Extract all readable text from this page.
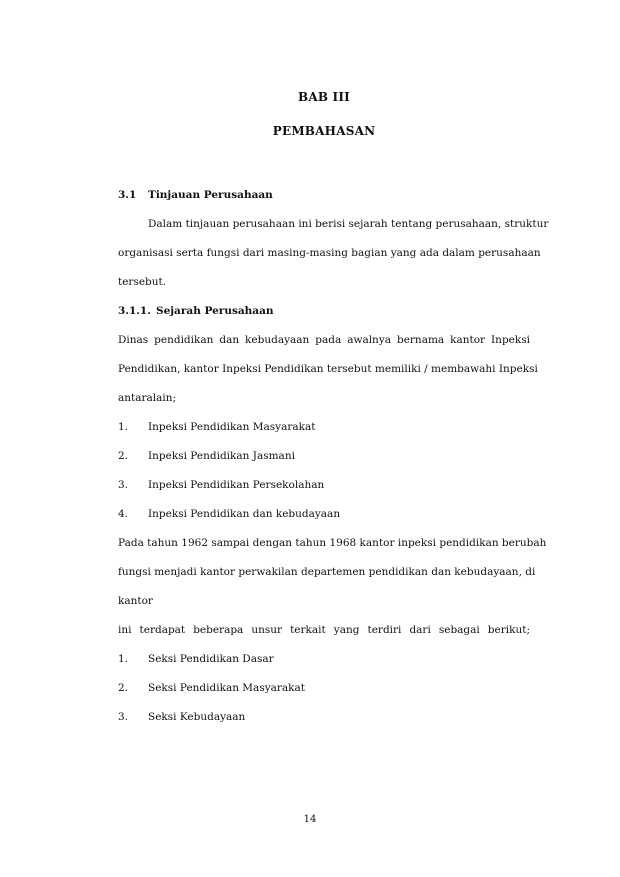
BAB III
PEMBAHASAN
3.1 Tinjauan Perusahaan
Dalam tinjauan perusahaan ini berisi sejarah tentang perusahaan, struktur
organisasi serta fungsi dari masing-masing bagian yang ada dalam perusahaan
tersebut.
3.1.1. Sejarah Perusahaan
Dinas pendidikan dan kebudayaan pada awalnya bernama kantor Inpeksi
Pendidikan, kantor Inpeksi Pendidikan tersebut memiliki / membawahi Inpeksi
antaralain;
1. Inpeksi Pendidikan Masyarakat
2. Inpeksi Pendidikan Jasmani
3. Inpeksi Pendidikan Persekolahan
4. Inpeksi Pendidikan dan kebudayaan
Pada tahun 1962 sampai dengan tahun 1968 kantor inpeksi pendidikan berubah
fungsi menjadi kantor perwakilan departemen pendidikan dan kebudayaan, di
kantor
ini terdapat beberapa unsur terkait yang terdiri dari sebagai berikut;
1. Seksi Pendidikan Dasar
2. Seksi Pendidikan Masyarakat
3. Seksi Kebudayaan
14
